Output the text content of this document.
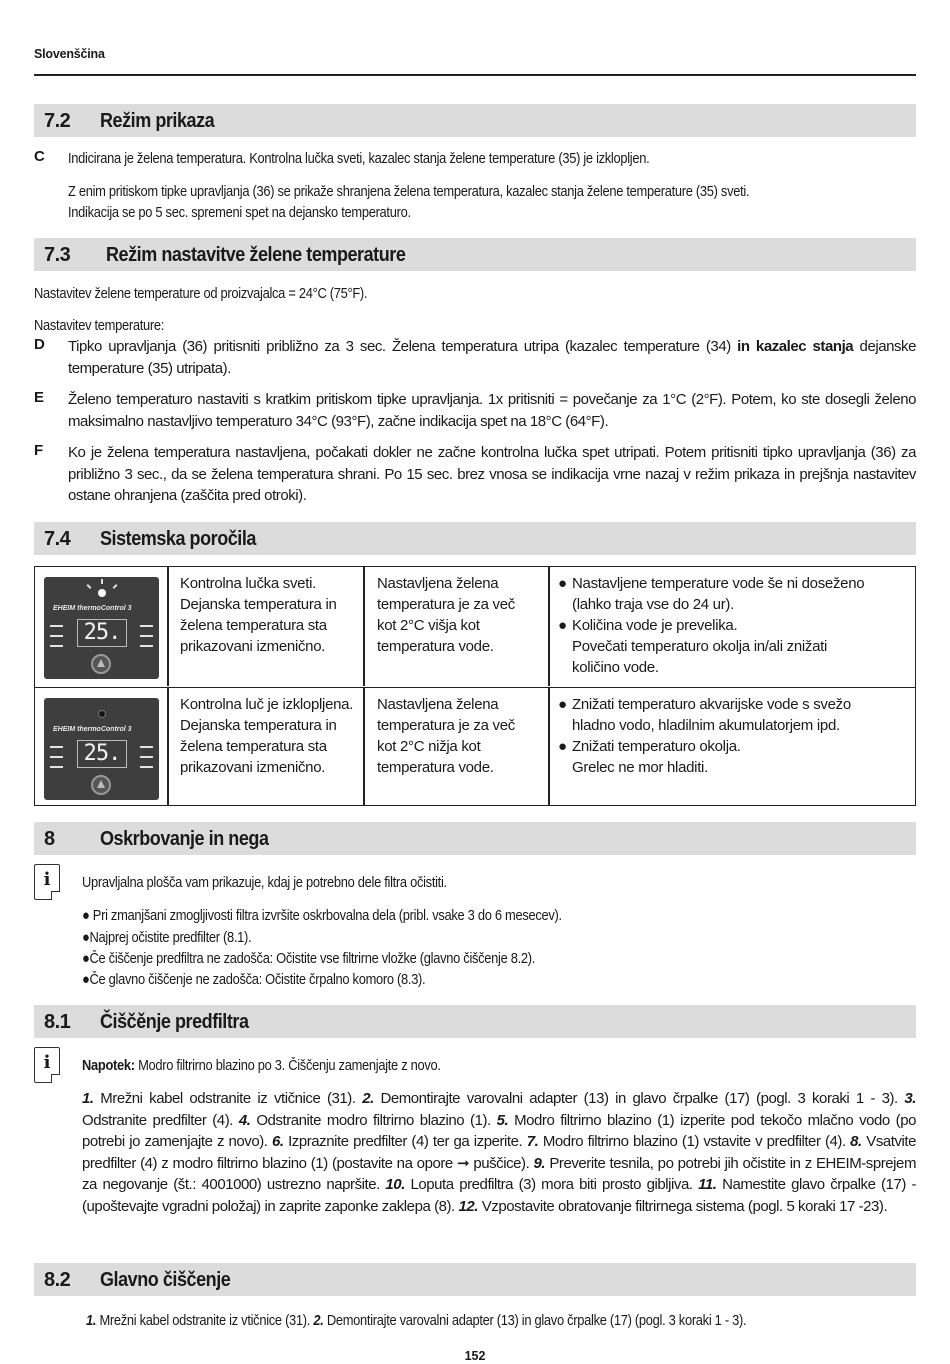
Slovenščina
7.2 Režim prikaza
C Indicirana je želena temperatura. Kontrolna lučka sveti, kazalec stanja želene temperature (35) je izklopljen.
Z enim pritiskom tipke upravljanja (36) se prikaže shranjena želena temperatura, kazalec stanja želene temperature (35) sveti.
Indikacija se po 5 sec. spremeni spet na dejansko temperaturo.
7.3 Režim nastavitve želene temperature
Nastavitev želene temperature od proizvajalca = 24°C (75°F).
Nastavitev temperature:
D Tipko upravljanja (36) pritisniti približno za 3 sec. Želena temperatura utripa (kazalec temperature (34) in kazalec stanja dejanske temperature (35) utripata).
E Želeno temperaturo nastaviti s kratkim pritiskom tipke upravljanja. 1x pritisniti = povečanje za 1°C (2°F). Potem, ko ste dosegli želeno maksimalno nastavljivo temperaturo 34°C (93°F), začne indikacija spet na 18°C (64°F).
F Ko je želena temperatura nastavljena, počakati dokler ne začne kontrolna lučka spet utripati. Potem pritisniti tipko upravljanja (36) za približno 3 sec., da se želena temperatura shrani. Po 15 sec. brez vnosa se indikacija vrne nazaj v režim prikaza in prejšnja nastavitev ostane ohranjena (zaščita pred otroki).
7.4 Sistemska poročila
EHEIM thermoControl 3
25.
Kontrolna lučka sveti.
Dejanska temperatura in
želena temperatura sta
prikazovani izmenično.
Nastavljena želena
temperatura je za več
kot 2°C višja kot
temperatura vode.
● Nastavljene temperature vode še ni doseženo
(lahko traja vse do 24 ur).
● Količina vode je prevelika.
Povečati temperaturo okolja in/ali znižati
količino vode.
EHEIM thermoControl 3
25.
Kontrolna luč je izklopljena.
Dejanska temperatura in
želena temperatura sta
prikazovani izmenično.
Nastavljena želena
temperatura je za več
kot 2°C nižja kot
temperatura vode.
● Znižati temperaturo akvarijske vode s svežo
hladno vodo, hladilnim akumulatorjem ipd.
● Znižati temperaturo okolja.
Grelec ne mor hladiti.
8 Oskrbovanje in nega
i	Upravljalna plošča vam prikazuje, kdaj je potrebno dele filtra očistiti.
● Pri zmanjšani zmogljivosti filtra izvršite oskrbovalna dela (pribl. vsake 3 do 6 mesecev).
●Najprej očistite predfilter (8.1).
●Če čiščenje predfiltra ne zadošča: Očistite vse filtrirne vložke (glavno čiščenje 8.2).
●Če glavno čiščenje ne zadošča: Očistite črpalno komoro (8.3).
8.1 Čiščěnje predfiltra
i	Napotek: Modro filtrirno blazino po 3. Čiščenju zamenjajte z novo.
1. Mrežni kabel odstranite iz vtičnice (31). 2. Demontirajte varovalni adapter (13) in glavo črpalke (17) (pogl. 3 koraki 1 - 3). 3. Odstranite predfilter (4). 4. Odstranite modro filtrirno blazino (1). 5. Modro filtrirno blazino (1) izperite pod tekočo mlačno vodo (po potrebi jo zamenjajte z novo). 6. Izpraznite predfilter (4) ter ga izperite. 7. Modro filtrirno blazino (1) vstavite v predfilter (4). 8. Vsatvite predfilter (4) z modro filtrirno blazino (1) (postavite na opore ➞ puščice). 9. Preverite tesnila, po potrebi jih očistite in z EHEIM-sprejem za negovanje (št.: 4001000) ustrezno napršite. 10. Loputa predfiltra (3) mora biti prosto gibljiva. 11. Namestite glavo črpalke (17) - (upoštevajte vgradni položaj) in zaprite zaponke zaklepa (8). 12. Vzpostavite obratovanje filtrirnega sistema (pogl. 5 koraki 17 -23).
8.2 Glavno čiščenje
1. Mrežni kabel odstranite iz vtičnice (31). 2. Demontirajte varovalni adapter (13) in glavo črpalke (17) (pogl. 3 koraki 1 - 3).
152
